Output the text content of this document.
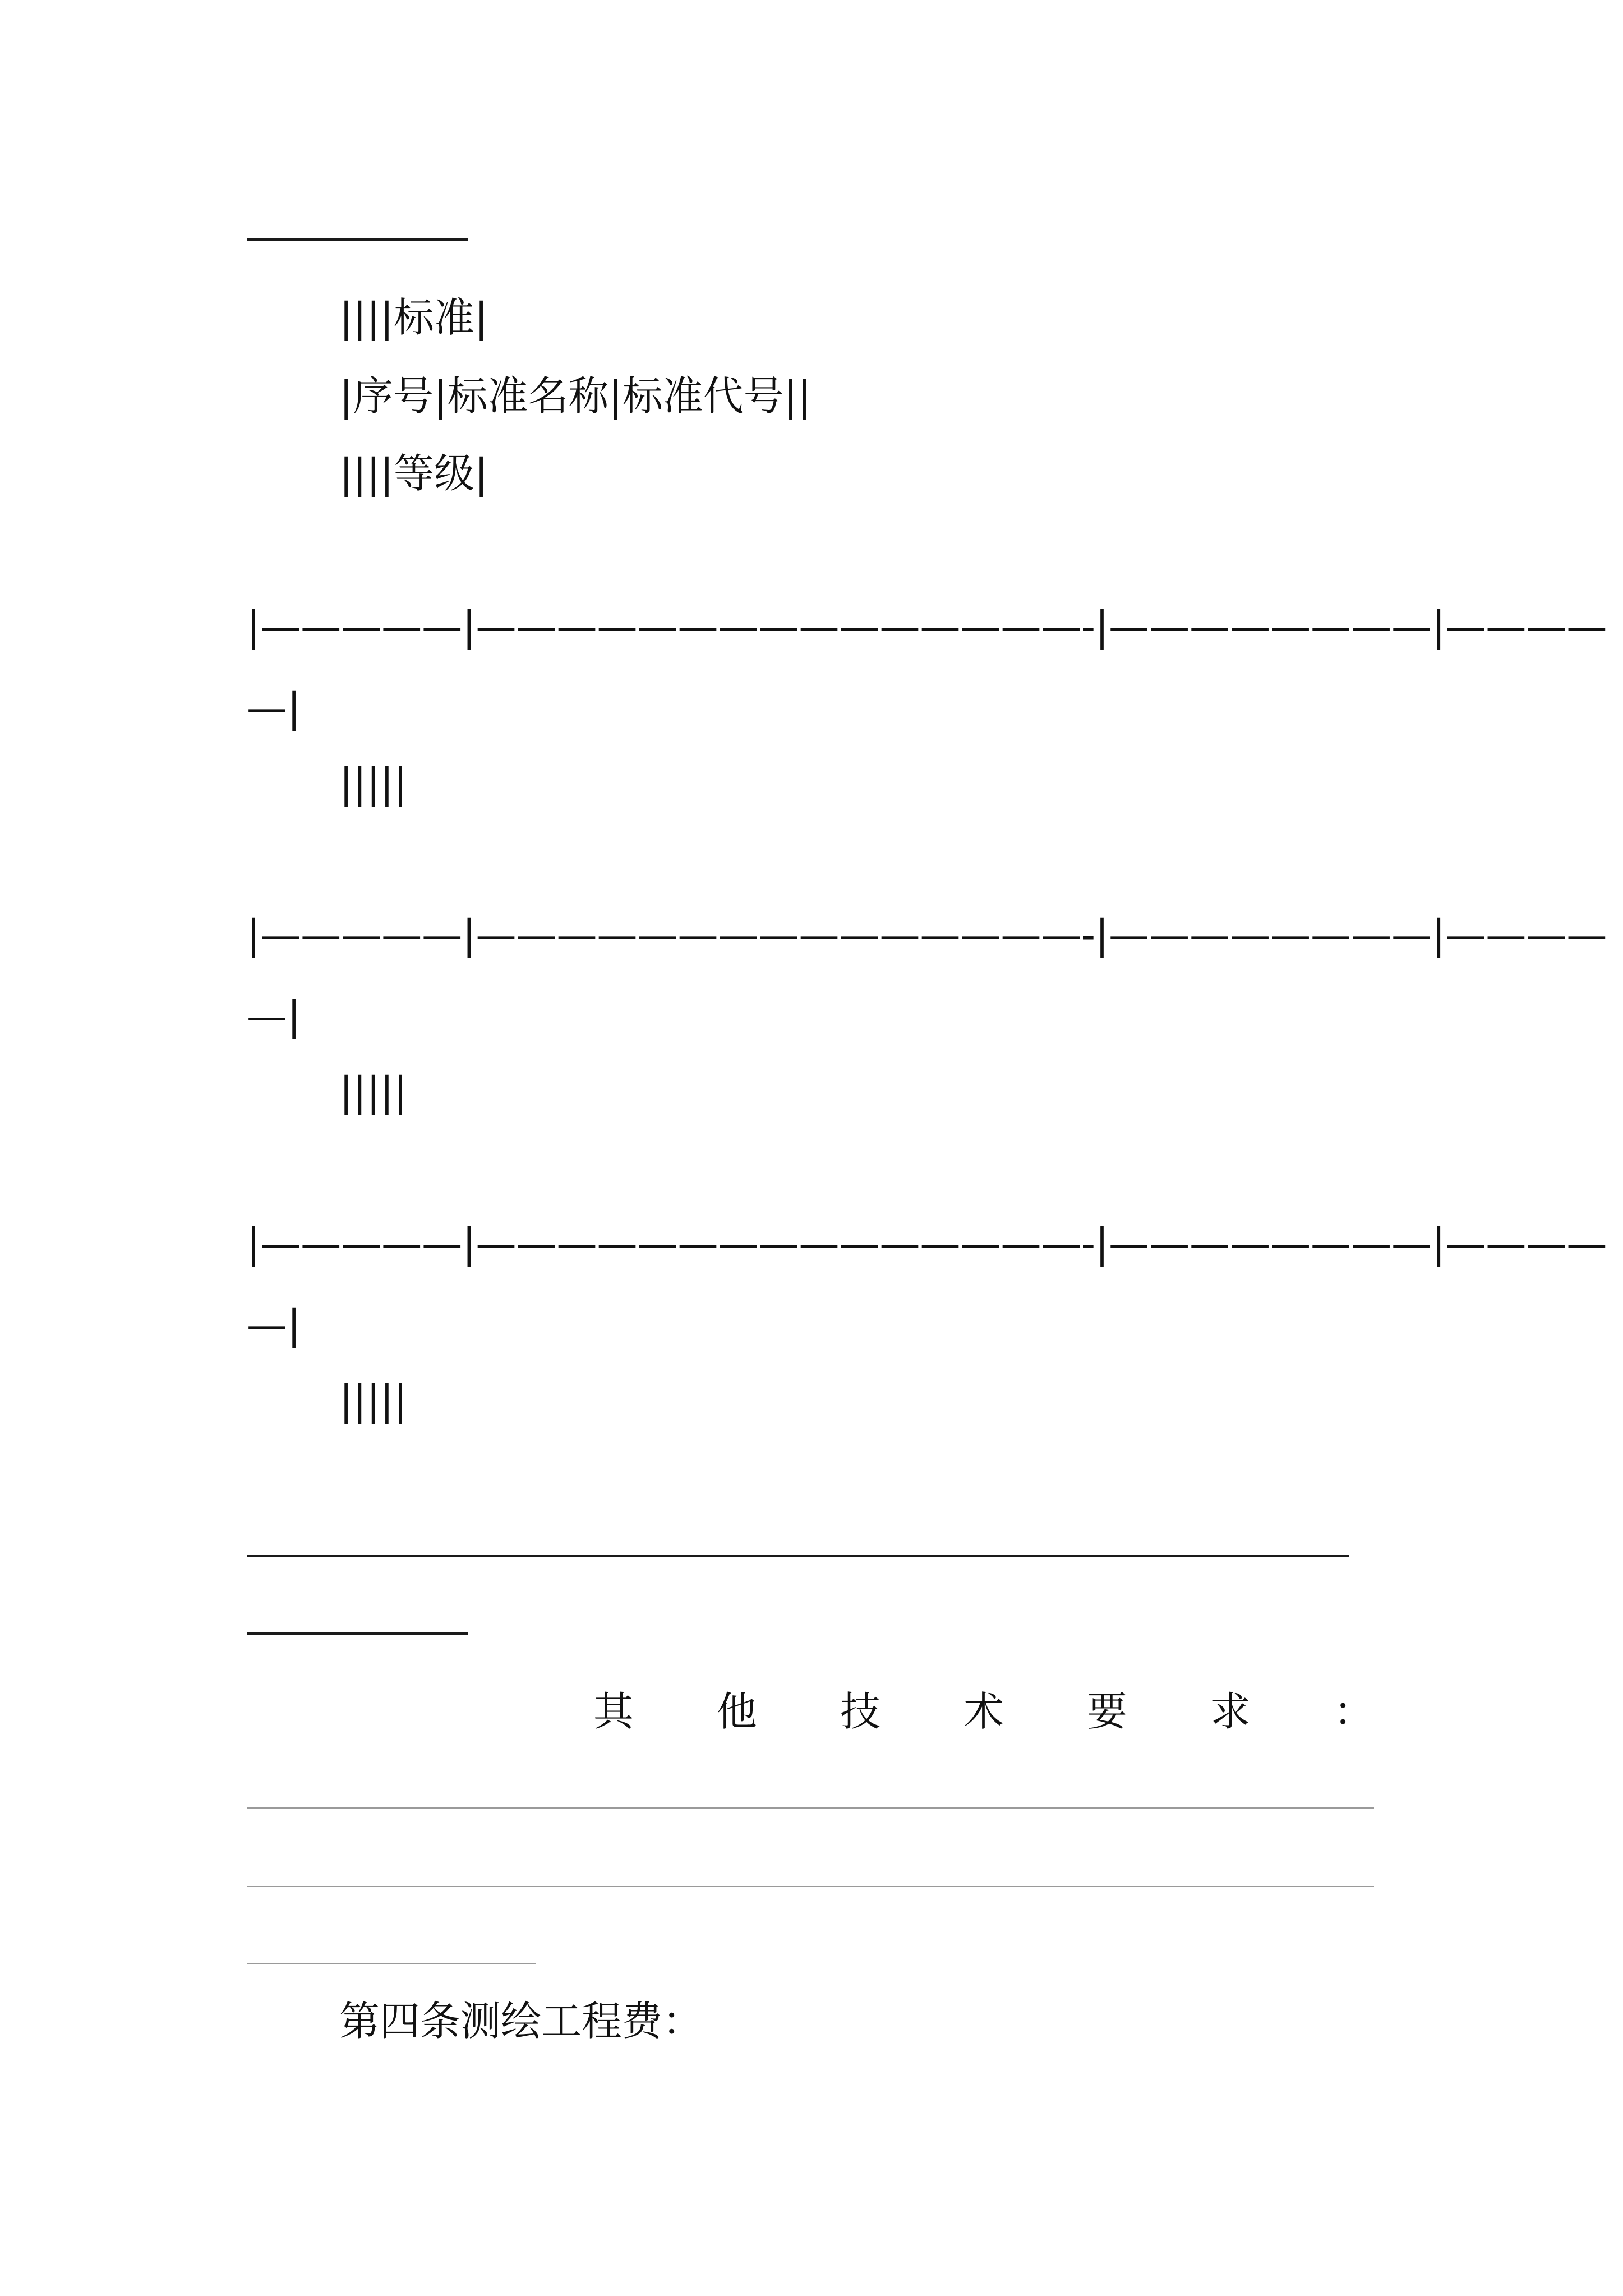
||||标准|
|序号|标准名称|标准代号||
||||等级|
|—————|———————————————-|————————|————
—|
|||||
|—————|———————————————-|————————|————
—|
|||||
|—————|———————————————-|————————|————
—|
|||||
其 他 技 术 要 求 ：
第四条测绘工程费：
